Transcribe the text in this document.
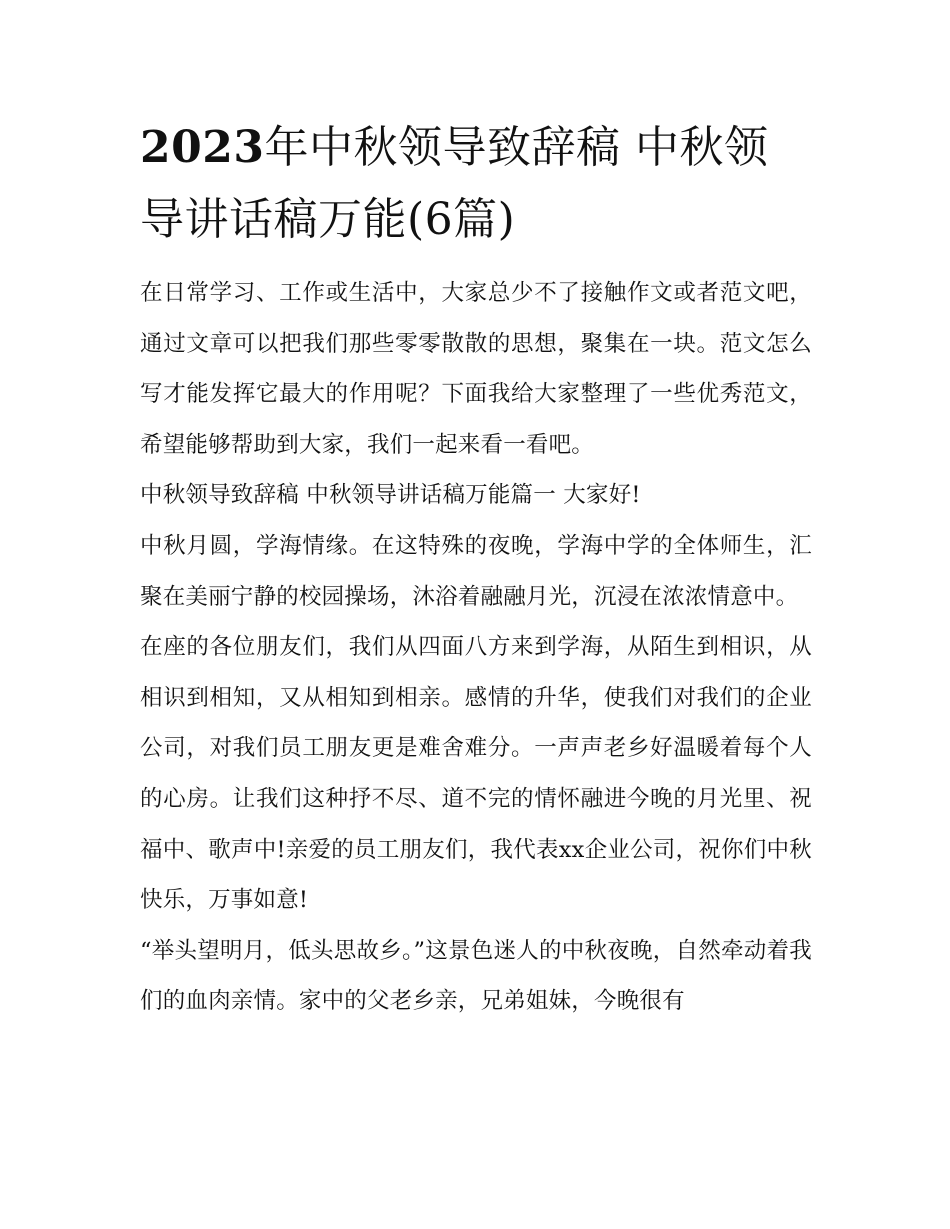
2023年中秋领导致辞稿 中秋领导讲话稿万能(6篇)

在日常学习、工作或生活中，大家总少不了接触作文或者范文吧，通过文章可以把我们那些零零散散的思想，聚集在一块。范文怎么写才能发挥它最大的作用呢？下面我给大家整理了一些优秀范文，希望能够帮助到大家，我们一起来看一看吧。

中秋领导致辞稿 中秋领导讲话稿万能篇一 大家好!

中秋月圆，学海情缘。在这特殊的夜晚，学海中学的全体师生，汇聚在美丽宁静的校园操场，沐浴着融融月光，沉浸在浓浓情意中。

在座的各位朋友们，我们从四面八方来到学海，从陌生到相识，从相识到相知，又从相知到相亲。感情的升华，使我们对我们的企业公司，对我们员工朋友更是难舍难分。一声声老乡好温暖着每个人的心房。让我们这种抒不尽、道不完的情怀融进今晚的月光里、祝福中、歌声中!亲爱的员工朋友们，我代表xx企业公司，祝你们中秋快乐，万事如意!

“举头望明月，低头思故乡。”这景色迷人的中秋夜晚，自然牵动着我们的血肉亲情。家中的父老乡亲，兄弟姐妹，今晚很有
